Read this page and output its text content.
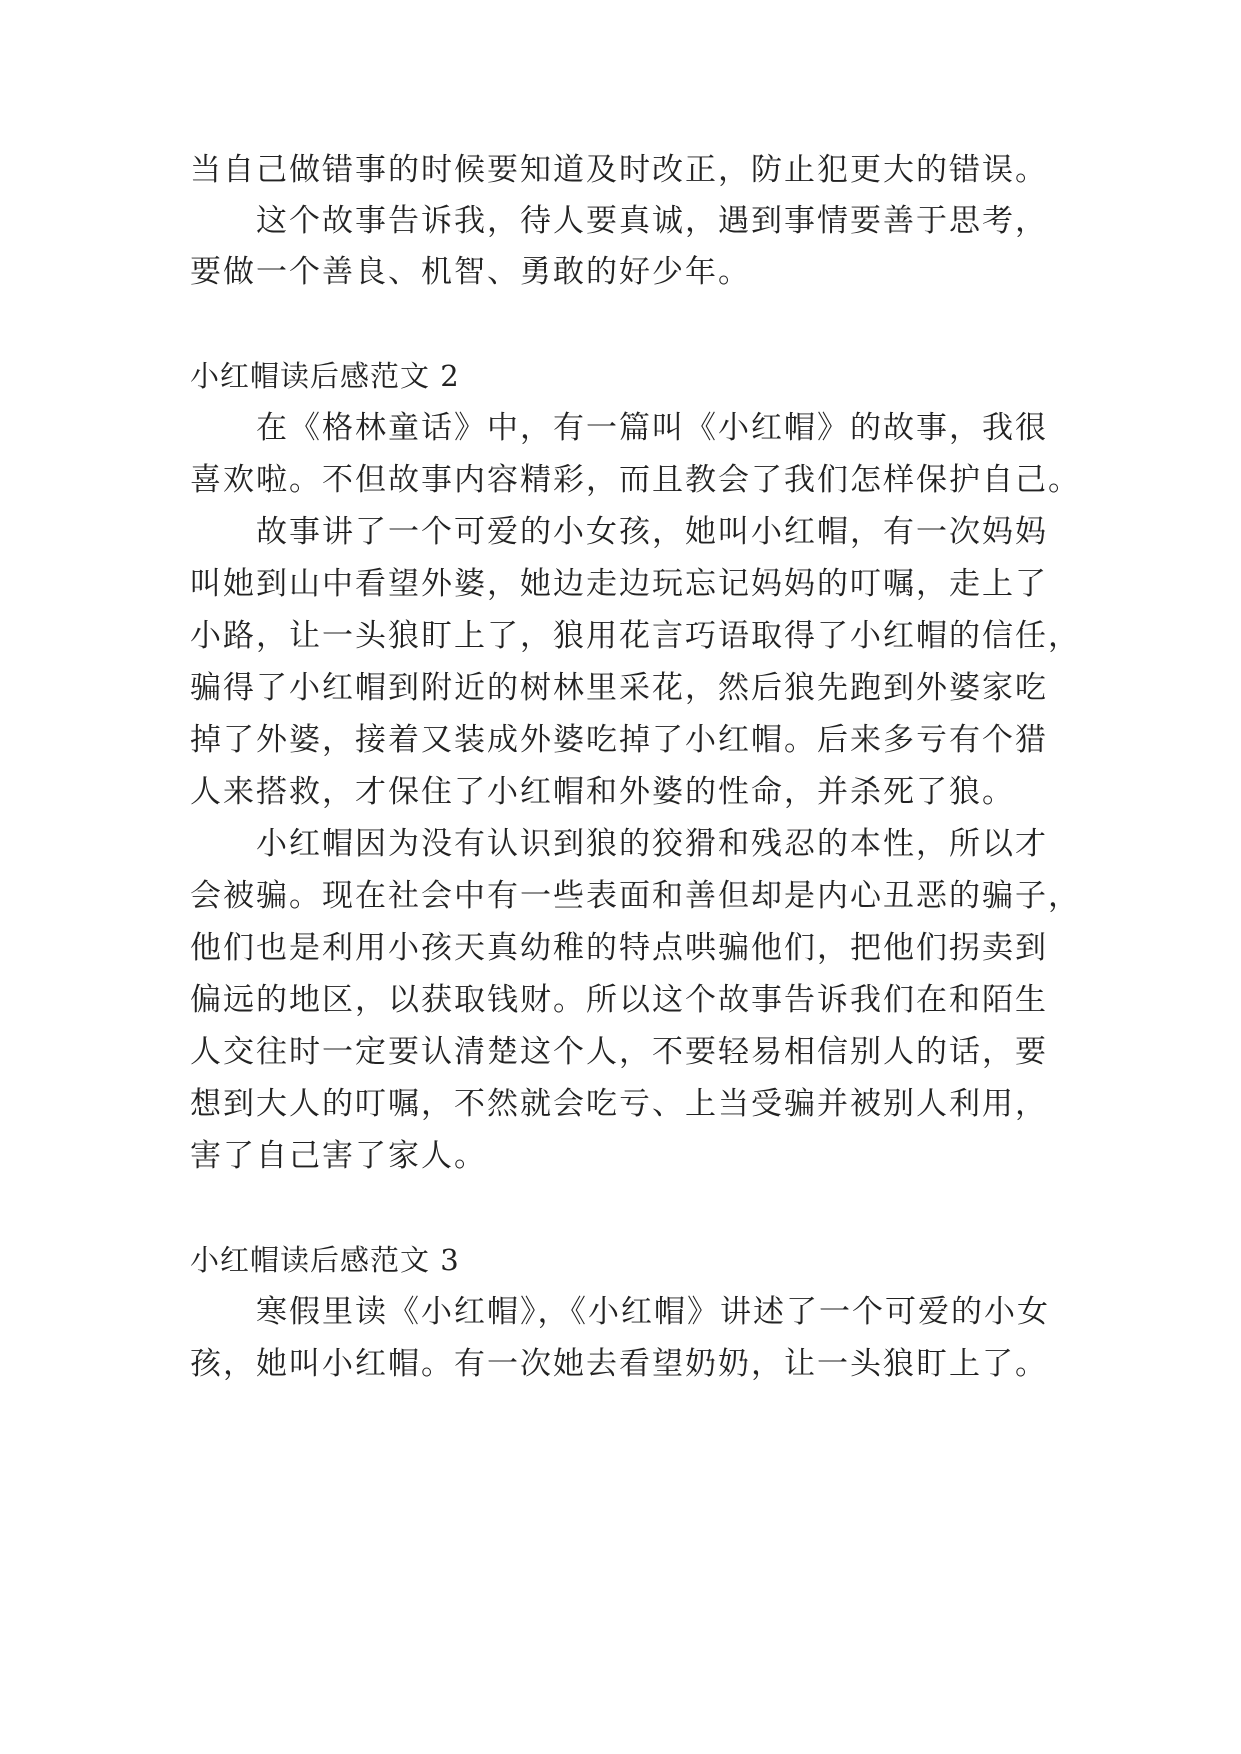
当自己做错事的时候要知道及时改正，防止犯更大的错误。
这个故事告诉我，待人要真诚，遇到事情要善于思考，
要做一个善良、机智、勇敢的好少年。
小红帽读后感范文 2
在《格林童话》中，有一篇叫《小红帽》的故事，我很
喜欢啦。不但故事内容精彩，而且教会了我们怎样保护自己。
故事讲了一个可爱的小女孩，她叫小红帽，有一次妈妈
叫她到山中看望外婆，她边走边玩忘记妈妈的叮嘱，走上了
小路，让一头狼盯上了，狼用花言巧语取得了小红帽的信任，
骗得了小红帽到附近的树林里采花，然后狼先跑到外婆家吃
掉了外婆，接着又装成外婆吃掉了小红帽。后来多亏有个猎
人来搭救，才保住了小红帽和外婆的性命，并杀死了狼。
小红帽因为没有认识到狼的狡猾和残忍的本性，所以才
会被骗。现在社会中有一些表面和善但却是内心丑恶的骗子，
他们也是利用小孩天真幼稚的特点哄骗他们，把他们拐卖到
偏远的地区，以获取钱财。所以这个故事告诉我们在和陌生
人交往时一定要认清楚这个人，不要轻易相信别人的话，要
想到大人的叮嘱，不然就会吃亏、上当受骗并被别人利用，
害了自己害了家人。
小红帽读后感范文 3
寒假里读《小红帽》，《小红帽》讲述了一个可爱的小女
孩，她叫小红帽。有一次她去看望奶奶，让一头狼盯上了。
